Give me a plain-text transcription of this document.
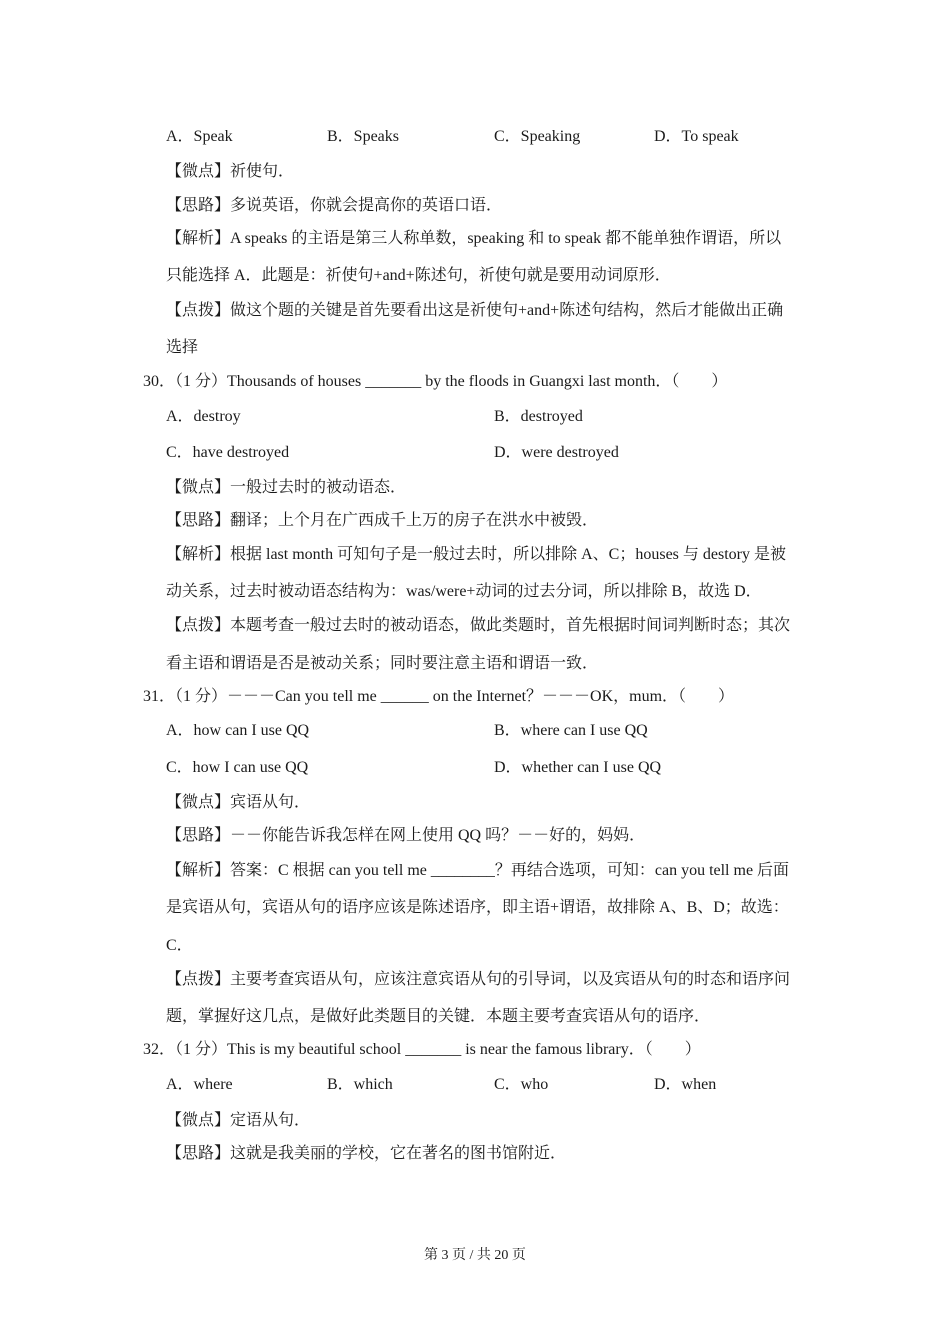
A．Speak	B．Speaks	C．Speaking	D．To speak
【微点】祈使句．
【思路】多说英语，你就会提高你的英语口语．
【解析】A speaks 的主语是第三人称单数，speaking 和 to speak 都不能单独作谓语，所以
只能选择 A．此题是：祈使句+and+陈述句，祈使句就是要用动词原形．
【点拨】做这个题的关键是首先要看出这是祈使句+and+陈述句结构，然后才能做出正确
选择
30．（1 分）Thousands of houses _______ by the floods in Guangxi last month．（　　）
A．destroy	B．destroyed
C．have destroyed	D．were destroyed
【微点】一般过去时的被动语态．
【思路】翻译；上个月在广西成千上万的房子在洪水中被毁．
【解析】根据 last month 可知句子是一般过去时，所以排除 A、C；houses 与 destory 是被
动关系，过去时被动语态结构为：was/were+动词的过去分词，所以排除 B，故选 D．
【点拨】本题考查一般过去时的被动语态，做此类题时，首先根据时间词判断时态；其次
看主语和谓语是否是被动关系；同时要注意主语和谓语一致．
31．（1 分）－－－Can you tell me ______ on the Internet？－－－OK，mum．（　　）
A．how can I use QQ	B．where can I use QQ
C．how I can use QQ	D．whether can I use QQ
【微点】宾语从句．
【思路】－－你能告诉我怎样在网上使用 QQ 吗？－－好的，妈妈．
【解析】答案：C 根据 can you tell me ________？再结合选项，可知：can you tell me 后面
是宾语从句，宾语从句的语序应该是陈述语序，即主语+谓语，故排除 A、B、D；故选：
C．
【点拨】主要考查宾语从句，应该注意宾语从句的引导词，以及宾语从句的时态和语序问
题，掌握好这几点，是做好此类题目的关键．本题主要考查宾语从句的语序．
32．（1 分）This is my beautiful school _______ is near the famous library．（　　）
A．where	B．which	C．who	D．when
【微点】定语从句．
【思路】这就是我美丽的学校，它在著名的图书馆附近．
第 3 页 / 共 20 页
